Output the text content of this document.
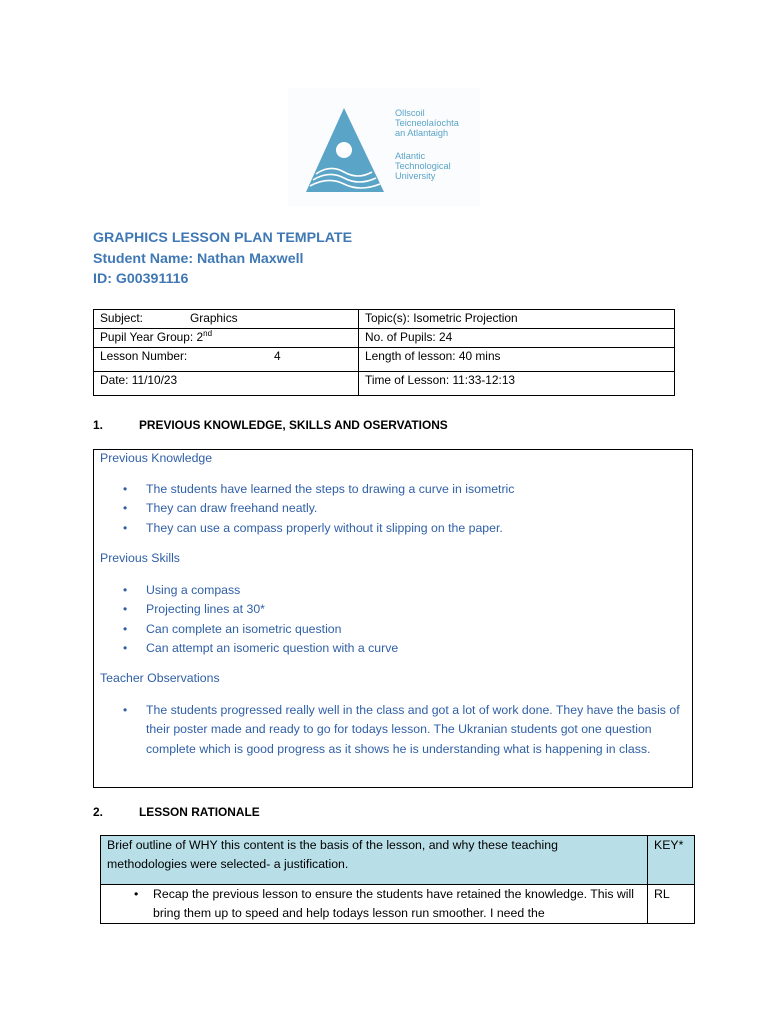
Ollscoil
Teicneolaíochta
an Atlantaigh
Atlantic
Technological
University
GRAPHICS LESSON PLAN TEMPLATE
Student Name: Nathan Maxwell
ID: G00391116
Subject: Graphics	Topic(s): Isometric Projection
Pupil Year Group: 2nd	No. of Pupils: 24
Lesson Number: 4	Length of lesson: 40 mins
Date: 11/10/23	Time of Lesson: 11:33-12:13
1.	PREVIOUS KNOWLEDGE, SKILLS AND OSERVATIONS
Previous Knowledge
• The students have learned the steps to drawing a curve in isometric
• They can draw freehand neatly.
• They can use a compass properly without it slipping on the paper.
Previous Skills
• Using a compass
• Projecting lines at 30*
• Can complete an isometric question
• Can attempt an isomeric question with a curve
Teacher Observations
• The students progressed really well in the class and got a lot of work done. They have the basis of their poster made and ready to go for todays lesson. The Ukranian students got one question complete which is good progress as it shows he is understanding what is happening in class.
2.	LESSON RATIONALE
Brief outline of WHY this content is the basis of the lesson, and why these teaching methodologies were selected- a justification.	KEY*

• Recap the previous lesson to ensure the students have retained the knowledge. This will bring them up to speed and help todays lesson run smoother. I need the	RL
